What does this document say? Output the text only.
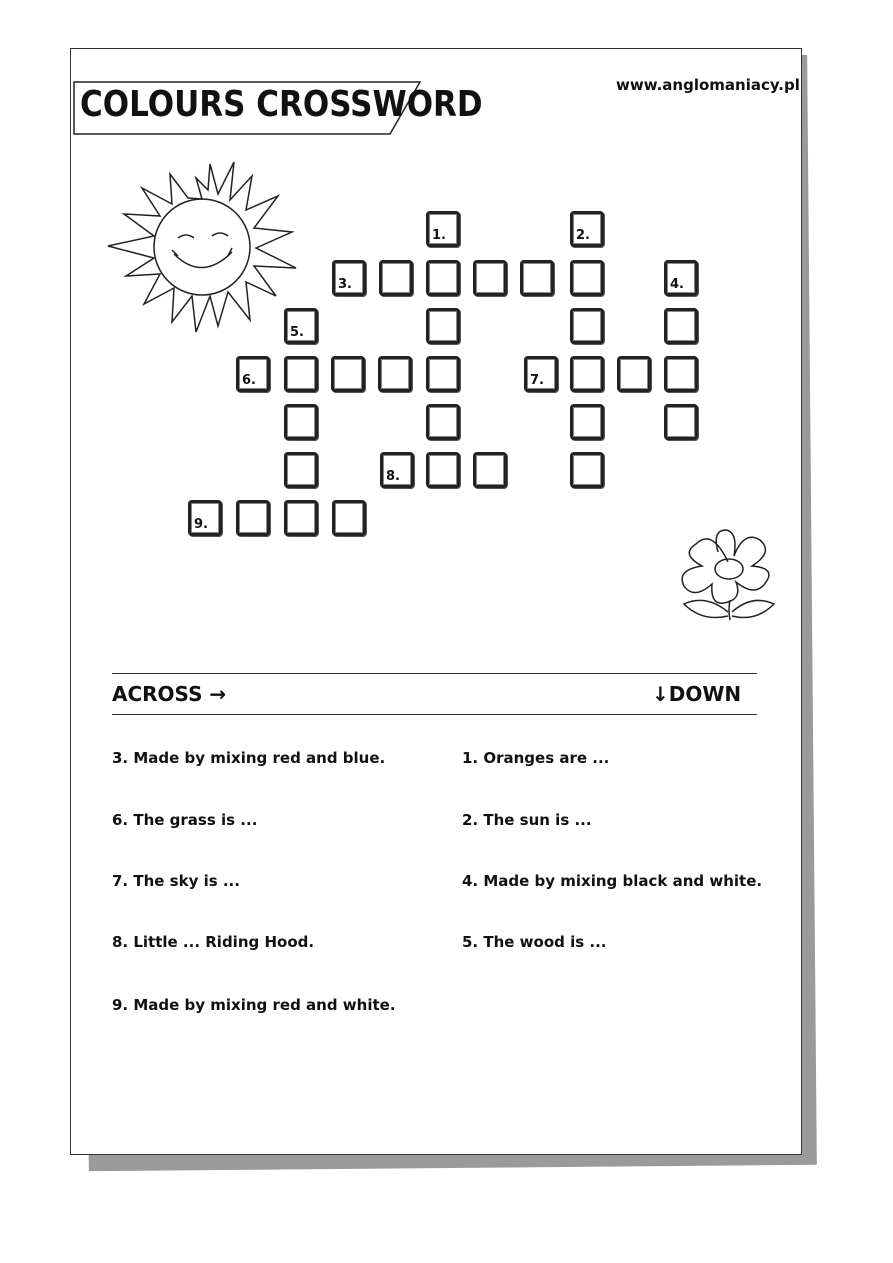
COLOURS CROSSWORD	www.anglomaniacy.pl
1.	2.
3.	4.
5.
6.	7.
8.
9.
ACROSS →	↓DOWN
3. Made by mixing red and blue.
6. The grass is ...
7. The sky is ...
8. Little ... Riding Hood.
9. Made by mixing red and white.
1. Oranges are ...
2. The sun is ...
4. Made by mixing black and white.
5. The wood is ...
